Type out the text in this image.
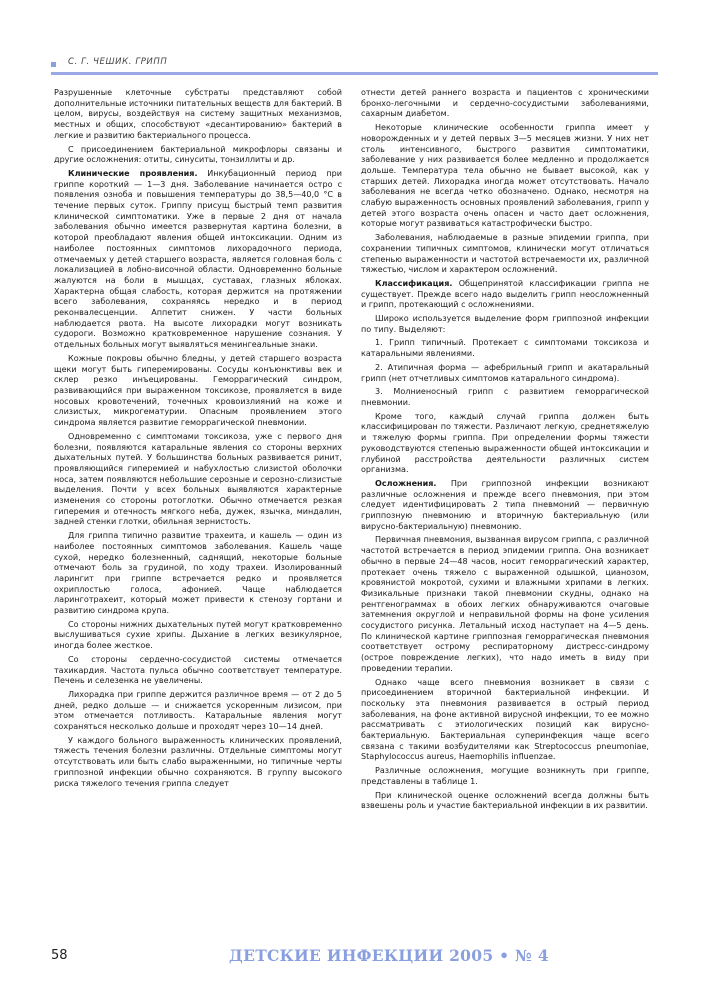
С. Г. ЧЕШИК. ГРИПП

Разрушенные клеточные субстраты представляют собой дополнительные источники питательных веществ для бактерий. В целом, вирусы, воздействуя на систему защитных механизмов, местных и общих, способствуют «десантированию» бактерий в легкие и развитию бактериального процесса.

С присоединением бактериальной микрофлоры связаны и другие осложнения: отиты, синуситы, тонзиллиты и др.

Клинические проявления. Инкубационный период при гриппе короткий — 1—3 дня. Заболевание начинается остро с появления озноба и повышения температуры до 38,5—40,0 °С в течение первых суток. Гриппу присущ быстрый темп развития клинической симптоматики. Уже в первые 2 дня от начала заболевания обычно имеется развернутая картина болезни, в которой преобладают явления общей интоксикации. Одним из наиболее постоянных симптомов лихорадочного периода, отмечаемых у детей старшего возраста, является головная боль с локализацией в лобно-височной области. Одновременно больные жалуются на боли в мышцах, суставах, глазных яблоках. Характерна общая слабость, которая держится на протяжении всего заболевания, сохраняясь нередко и в период реконвалесценции. Аппетит снижен. У части больных наблюдается рвота. На высоте лихорадки могут возникать судороги. Возможно кратковременное нарушение сознания. У отдельных больных могут выявляться менингеальные знаки.

Кожные покровы обычно бледны, у детей старшего возраста щеки могут быть гиперемированы. Сосуды конъюнктивы век и склер резко инъецированы. Геморрагический синдром, развивающийся при выраженном токсикозе, проявляется в виде носовых кровотечений, точечных кровоизлияний на коже и слизистых, микрогематурии. Опасным проявлением этого синдрома является развитие геморрагической пневмонии.

Одновременно с симптомами токсикоза, уже с первого дня болезни, появляются катаральные явления со стороны верхних дыхательных путей. У большинства больных развивается ринит, проявляющийся гиперемией и набухлостью слизистой оболочки носа, затем появляются небольшие серозные и серозно-слизистые выделения. Почти у всех больных выявляются характерные изменения со стороны ротоглотки. Обычно отмечается резкая гиперемия и отечность мягкого неба, дужек, язычка, миндалин, задней стенки глотки, обильная зернистость.

Для гриппа типично развитие трахеита, и кашель — один из наиболее постоянных симптомов заболевания. Кашель чаще сухой, нередко болезненный, саднящий, некоторые больные отмечают боль за грудиной, по ходу трахеи. Изолированный ларингит при гриппе встречается редко и проявляется охриплостью голоса, афонией. Чаще наблюдается ларинготрахеит, который может привести к стенозу гортани и развитию синдрома крупа.

Со стороны нижних дыхательных путей могут кратковременно выслушиваться сухие хрипы. Дыхание в легких везикулярное, иногда более жесткое.

Со стороны сердечно-сосудистой системы отмечается тахикардия. Частота пульса обычно соответствует температуре. Печень и селезенка не увеличены.

Лихорадка при гриппе держится различное время — от 2 до 5 дней, редко дольше — и снижается ускоренным лизисом, при этом отмечается потливость. Катаральные явления могут сохраняться несколько дольше и проходят через 10—14 дней.

У каждого больного выраженность клинических проявлений, тяжесть течения болезни различны. Отдельные симптомы могут отсутствовать или быть слабо выраженными, но типичные черты гриппозной инфекции обычно сохраняются. В группу высокого риска тяжелого течения гриппа следует

отнести детей раннего возраста и пациентов с хроническими бронхо-легочными и сердечно-сосудистыми заболеваниями, сахарным диабетом.

Некоторые клинические особенности гриппа имеет у новорожденных и у детей первых 3—5 месяцев жизни. У них нет столь интенсивного, быстрого развития симптоматики, заболевание у них развивается более медленно и продолжается дольше. Температура тела обычно не бывает высокой, как у старших детей. Лихорадка иногда может отсутствовать. Начало заболевания не всегда четко обозначено. Однако, несмотря на слабую выраженность основных проявлений заболевания, грипп у детей этого возраста очень опасен и часто дает осложнения, которые могут развиваться катастрофически быстро.

Заболевания, наблюдаемые в разные эпидемии гриппа, при сохранении типичных симптомов, клинически могут отличаться степенью выраженности и частотой встречаемости их, различной тяжестью, числом и характером осложнений.

Классификация. Общепринятой классификации гриппа не существует. Прежде всего надо выделить грипп неосложненный и грипп, протекающий с осложнениями.

Широко используется выделение форм гриппозной инфекции по типу. Выделяют:

1. Грипп типичный. Протекает с симптомами токсикоза и катаральными явлениями.

2. Атипичная форма — афебрильный грипп и акатаральный грипп (нет отчетливых симптомов катарального синдрома).

3. Молниеносный грипп с развитием геморрагической пневмонии.

Кроме того, каждый случай гриппа должен быть классифицирован по тяжести. Различают легкую, среднетяжелую и тяжелую формы гриппа. При определении формы тяжести руководствуются степенью выраженности общей интоксикации и глубиной расстройства деятельности различных систем организма.

Осложнения. При гриппозной инфекции возникают различные осложнения и прежде всего пневмония, при этом следует идентифицировать 2 типа пневмоний — первичную гриппозную пневмонию и вторичную бактериальную (или вирусно-бактериальную) пневмонию.

Первичная пневмония, вызванная вирусом гриппа, с различной частотой встречается в период эпидемии гриппа. Она возникает обычно в первые 24—48 часов, носит геморрагический характер, протекает очень тяжело с выраженной одышкой, цианозом, кровянистой мокротой, сухими и влажными хрипами в легких. Физикальные признаки такой пневмонии скудны, однако на рентгенограммах в обоих легких обнаруживаются очаговые затемнения округлой и неправильной формы на фоне усиления сосудистого рисунка. Летальный исход наступает на 4—5 день. По клинической картине гриппозная геморрагическая пневмония соответствует острому респираторному дистресс-синдрому (острое повреждение легких), что надо иметь в виду при проведении терапии.

Однако чаще всего пневмония возникает в связи с присоединением вторичной бактериальной инфекции. И поскольку эта пневмония развивается в острый период заболевания, на фоне активной вирусной инфекции, то ее можно рассматривать с этиологических позиций как вирусно-бактериальную. Бактериальная суперинфекция чаще всего связана с такими возбудителями как Streptococcus pneumoniae, Staphylococcus aureus, Haemophilis influenzae.

Различные осложнения, могущие возникнуть при гриппе, представлены в таблице 1.

При клинической оценке осложнений всегда должны быть взвешены роль и участие бактериальной инфекции в их развитии.

58	ДЕТСКИЕ ИНФЕКЦИИ 2005 • № 4
